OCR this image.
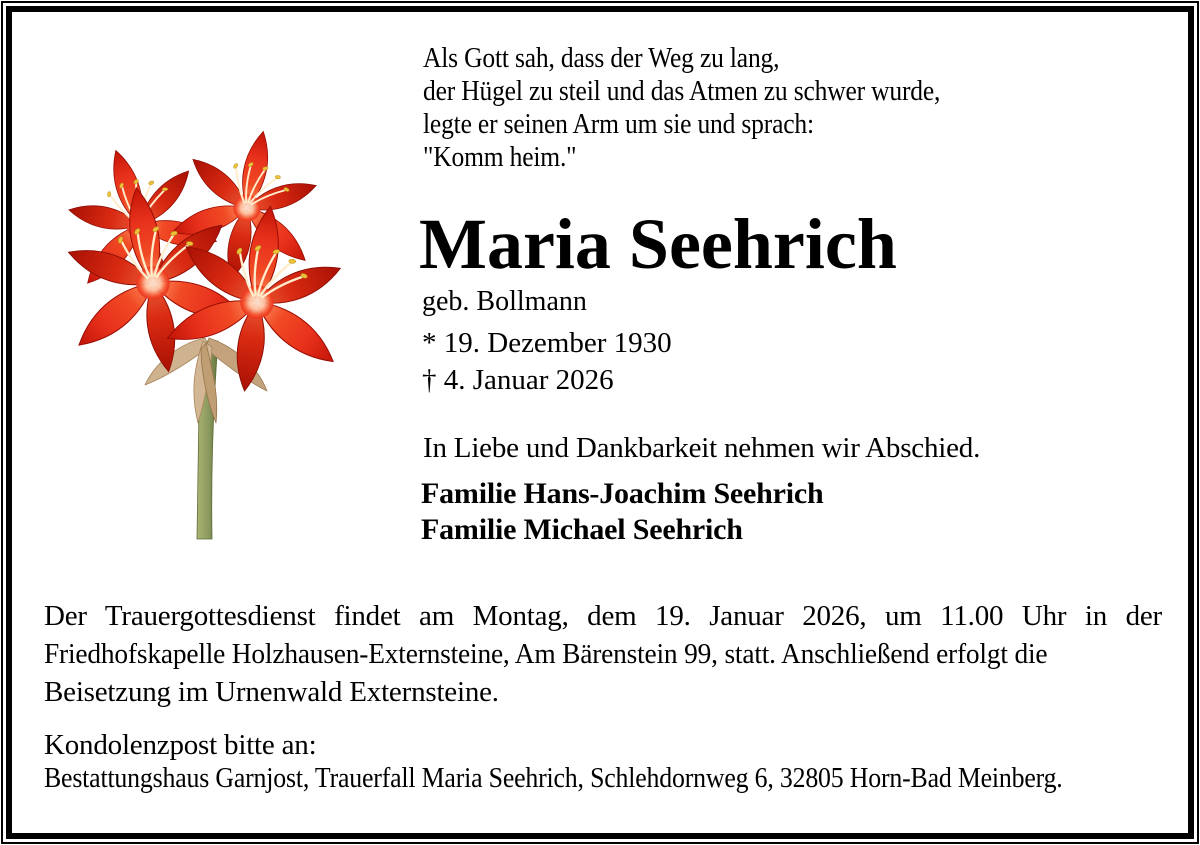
Als Gott sah, dass der Weg zu lang,
der Hügel zu steil und das Atmen zu schwer wurde,
legte er seinen Arm um sie und sprach:
"Komm heim."
Maria Seehrich
geb. Bollmann
* 19. Dezember 1930
† 4. Januar 2026
In Liebe und Dankbarkeit nehmen wir Abschied.
Familie Hans-Joachim Seehrich
Familie Michael Seehrich
Der Trauergottesdienst findet am Montag, dem 19. Januar 2026, um 11.00 Uhr in der
Friedhofskapelle Holzhausen-Externsteine, Am Bärenstein 99, statt. Anschließend erfolgt die
Beisetzung im Urnenwald Externsteine.
Kondolenzpost bitte an:
Bestattungshaus Garnjost, Trauerfall Maria Seehrich, Schlehdornweg 6, 32805 Horn-Bad Meinberg.
